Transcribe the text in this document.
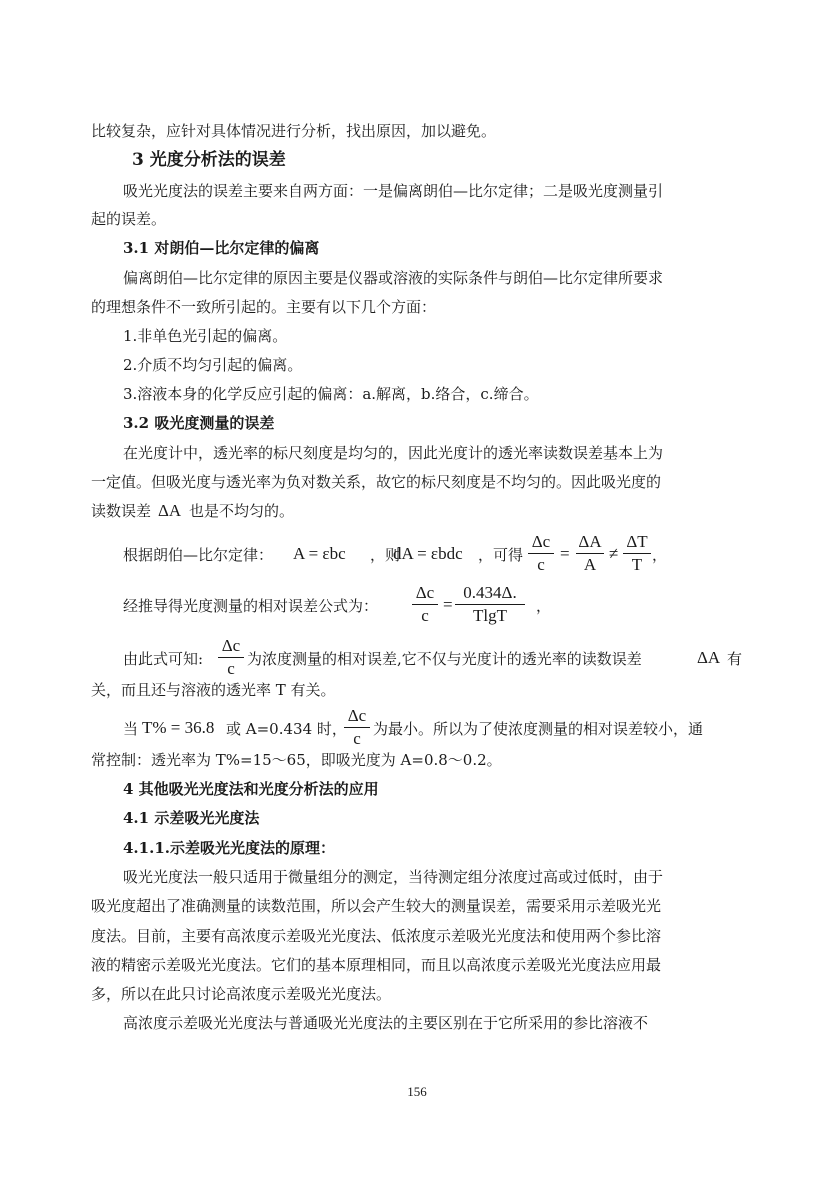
比较复杂，应针对具体情况进行分析，找出原因，加以避免。
3 光度分析法的误差
吸光光度法的误差主要来自两方面：一是偏离朗伯—比尔定律；二是吸光度测量引
起的误差。
3.1 对朗伯—比尔定律的偏离
偏离朗伯—比尔定律的原因主要是仪器或溶液的实际条件与朗伯—比尔定律所要求
的理想条件不一致所引起的。主要有以下几个方面：
1.非单色光引起的偏离。
2.介质不均匀引起的偏离。
3.溶液本身的化学反应引起的偏离：a.解离，b.络合，c.缔合。
3.2 吸光度测量的误差
在光度计中，透光率的标尺刻度是均匀的，因此光度计的透光率读数误差基本上为
一定值。但吸光度与透光率为负对数关系，故它的标尺刻度是不均匀的。因此吸光度的
读数误差 ΔA 也是不均匀的。
根据朗伯—比尔定律： A = εbc ，则
dA = εbdc ，可得
Δc
c
=
ΔA
A
≠
ΔT
T ，
经推导得光度测量的相对误差公式为：
Δc
c
=
0.434Δ.
TlgT	，
由此式可知:
Δc
c 为浓度测量的相对误差,它不仅与光度计的透光率的读数误差	ΔA 有
关，而且还与溶液的透光率 T 有关。
当 T% = 36.8 或 A=0.434 时，
Δc
c 为最小。所以为了使浓度测量的相对误差较小，通
常控制：透光率为 T%=15～65，即吸光度为 A=0.8～0.2。
4 其他吸光光度法和光度分析法的应用
4.1 示差吸光光度法
4.1.1.示差吸光光度法的原理：
吸光光度法一般只适用于微量组分的测定，当待测定组分浓度过高或过低时，由于
吸光度超出了准确测量的读数范围，所以会产生较大的测量误差，需要采用示差吸光光
度法。目前，主要有高浓度示差吸光光度法、低浓度示差吸光光度法和使用两个参比溶
液的精密示差吸光光度法。它们的基本原理相同，而且以高浓度示差吸光光度法应用最
多，所以在此只讨论高浓度示差吸光光度法。
高浓度示差吸光光度法与普通吸光光度法的主要区别在于它所采用的参比溶液不
156
